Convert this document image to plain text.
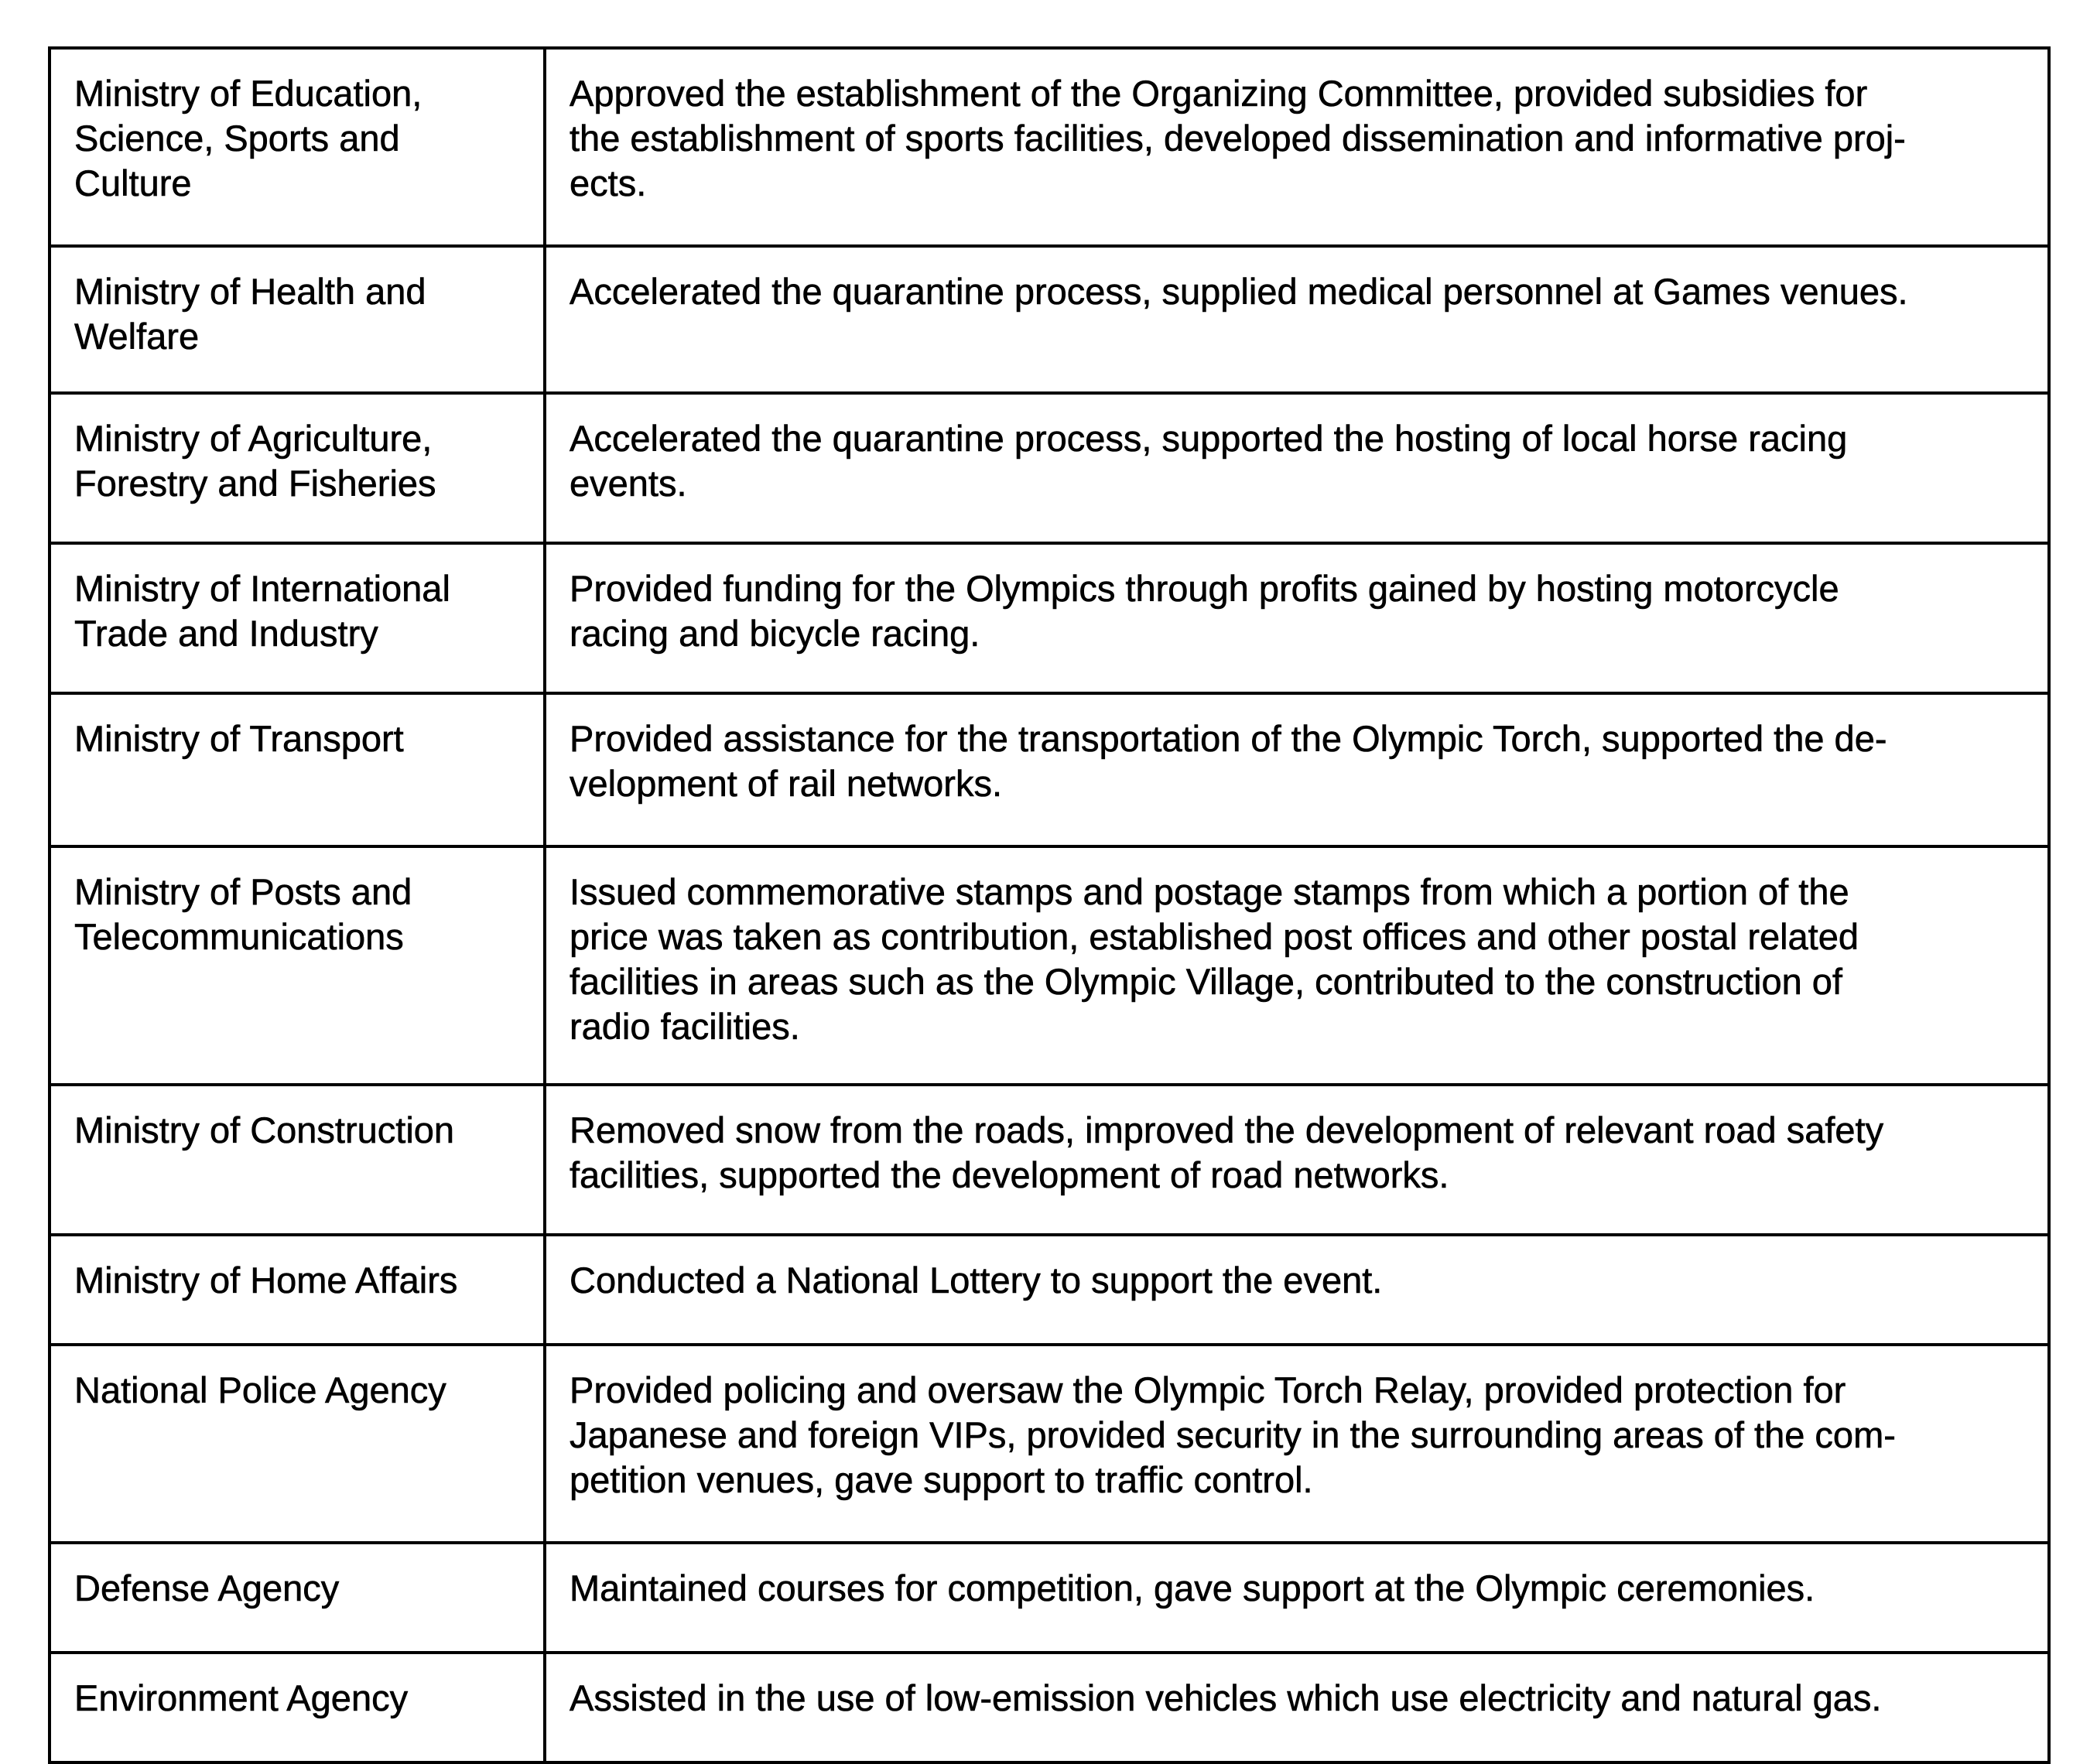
Ministry of Education,
Science, Sports and
Culture	Approved the establishment of the Organizing Committee, provided subsidies for
the establishment of sports facilities, developed dissemination and informative proj-
ects.

Ministry of Health and
Welfare	Accelerated the quarantine process, supplied medical personnel at Games venues.

Ministry of Agriculture,
Forestry and Fisheries	Accelerated the quarantine process, supported the hosting of local horse racing
events.

Ministry of International
Trade and Industry	Provided funding for the Olympics through profits gained by hosting motorcycle
racing and bicycle racing.

Ministry of Transport	Provided assistance for the transportation of the Olympic Torch, supported the de-
velopment of rail networks.

Ministry of Posts and
Telecommunications	Issued commemorative stamps and postage stamps from which a portion of the
price was taken as contribution, established post offices and other postal related
facilities in areas such as the Olympic Village, contributed to the construction of
radio facilities.

Ministry of Construction	Removed snow from the roads, improved the development of relevant road safety
facilities, supported the development of road networks.

Ministry of Home Affairs	Conducted a National Lottery to support the event.

National Police Agency	Provided policing and oversaw the Olympic Torch Relay, provided protection for
Japanese and foreign VIPs, provided security in the surrounding areas of the com-
petition venues, gave support to traffic control.

Defense Agency	Maintained courses for competition, gave support at the Olympic ceremonies.

Environment Agency	Assisted in the use of low-emission vehicles which use electricity and natural gas.
